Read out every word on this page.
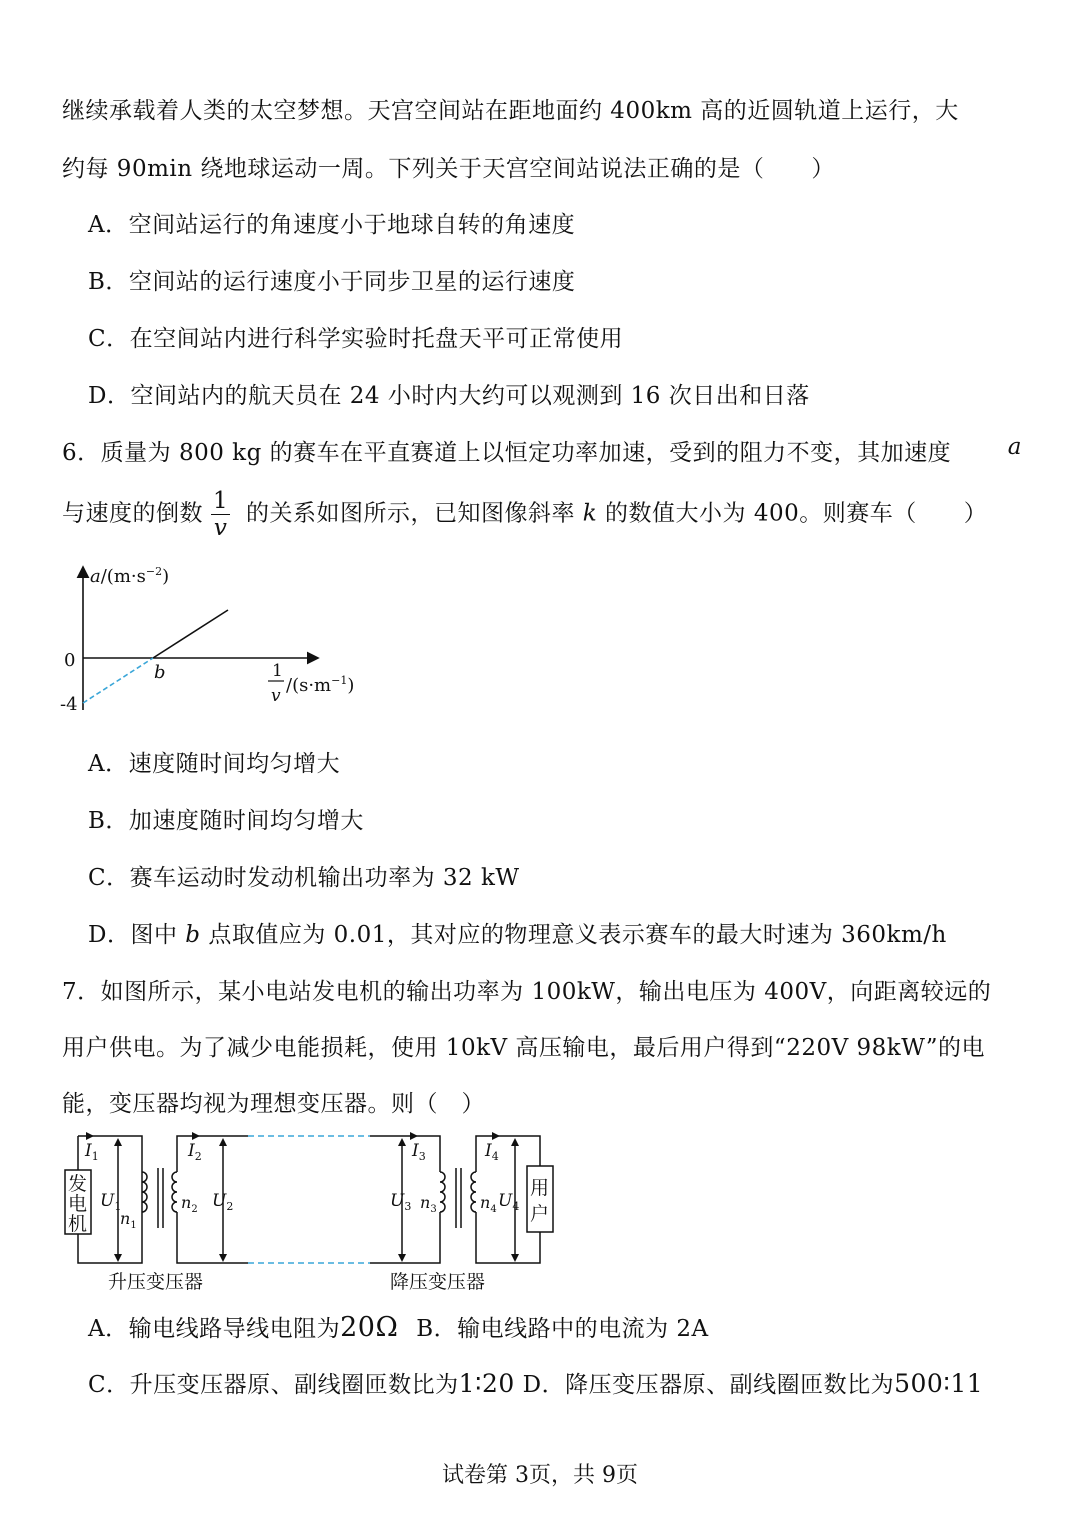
继续承载着人类的太空梦想。天宫空间站在距地面约 400km 高的近圆轨道上运行，大
约每 90min 绕地球运动一周。下列关于天宫空间站说法正确的是（　　）
A．空间站运行的角速度小于地球自转的角速度
B．空间站的运行速度小于同步卫星的运行速度
C．在空间站内进行科学实验时托盘天平可正常使用
D．空间站内的航天员在 24 小时内大约可以观测到 16 次日出和日落
6．质量为 800 kg 的赛车在平直赛道上以恒定功率加速，受到的阻力不变，其加速度 a
与速度的倒数 $\frac{1}{v}$ 的关系如图所示，已知图像斜率 k 的数值大小为 400。则赛车（　　）
$a/(m\cdot s^{-2})$
0
-4
b	1
v $/(s\cdot m^{-1})$
A．速度随时间均匀增大
B．加速度随时间均匀增大
C．赛车运动时发动机输出功率为 32 kW
D．图中 b 点取值应为 0.01，其对应的物理意义表示赛车的最大时速为 360km/h
7．如图所示，某小电站发电机的输出功率为 100kW，输出电压为 400V，向距离较远的
用户供电。为了减少电能损耗，使用 10kV 高压输电，最后用户得到“220V 98kW”的电
能，变压器均视为理想变压器。则（　）
发
电
机
用
户
$I_1$	$I_2$	$I_3$	$I_4$
$U_1$	$U_2$	$U_3$	$U_4$
$n_1$
$n_2$	$n_3$	$n_4$
升压变压器	降压变压器
A．输电线路导线电阻为20Ω B．输电线路中的电流为 2A
C．升压变压器原、副线圈匝数比为1∶20 D．降压变压器原、副线圈匝数比为500∶11
试卷第 3页，共 9页
